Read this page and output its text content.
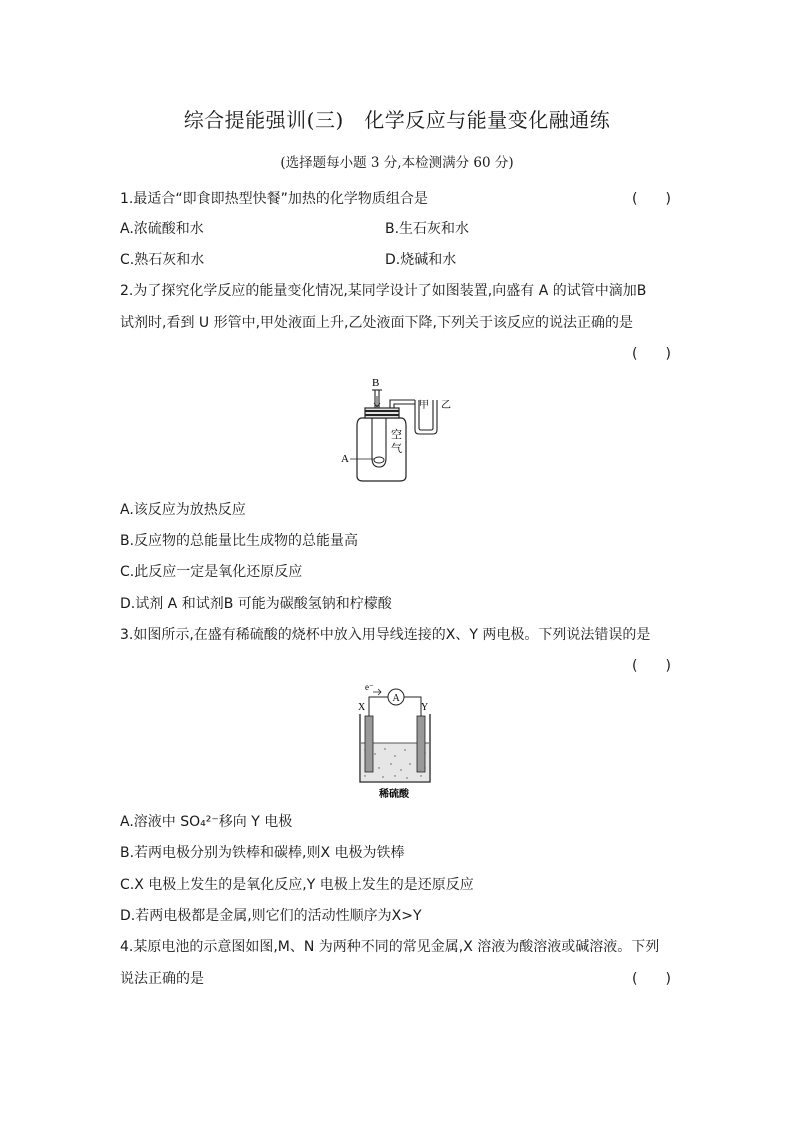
综合提能强训(三)　化学反应与能量变化融通练
(选择题每小题 3 分,本检测满分 60 分)
1.最适合“即食即热型快餐”加热的化学物质组合是	(　　)
A.浓硫酸和水	B.生石灰和水
C.熟石灰和水	D.烧碱和水
2.为了探究化学反应的能量变化情况,某同学设计了如图装置,向盛有 A 的试管中滴加B
试剂时,看到 U 形管中,甲处液面上升,乙处液面下降,下列关于该反应的说法正确的是
(　　)
B
甲 乙
空
气
A
A.该反应为放热反应
B.反应物的总能量比生成物的总能量高
C.此反应一定是氧化还原反应
D.试剂 A 和试剂B 可能为碳酸氢钠和柠檬酸
3.如图所示,在盛有稀硫酸的烧杯中放入用导线连接的X、Y 两电极。下列说法错误的是
(　　)
e⁻
A
X	Y
稀硫酸
A.溶液中 SO₄²⁻移向 Y 电极
B.若两电极分别为铁棒和碳棒,则X 电极为铁棒
C.X 电极上发生的是氧化反应,Y 电极上发生的是还原反应
D.若两电极都是金属,则它们的活动性顺序为X>Y
4.某原电池的示意图如图,M、N 为两种不同的常见金属,X 溶液为酸溶液或碱溶液。下列
说法正确的是	(　　)
